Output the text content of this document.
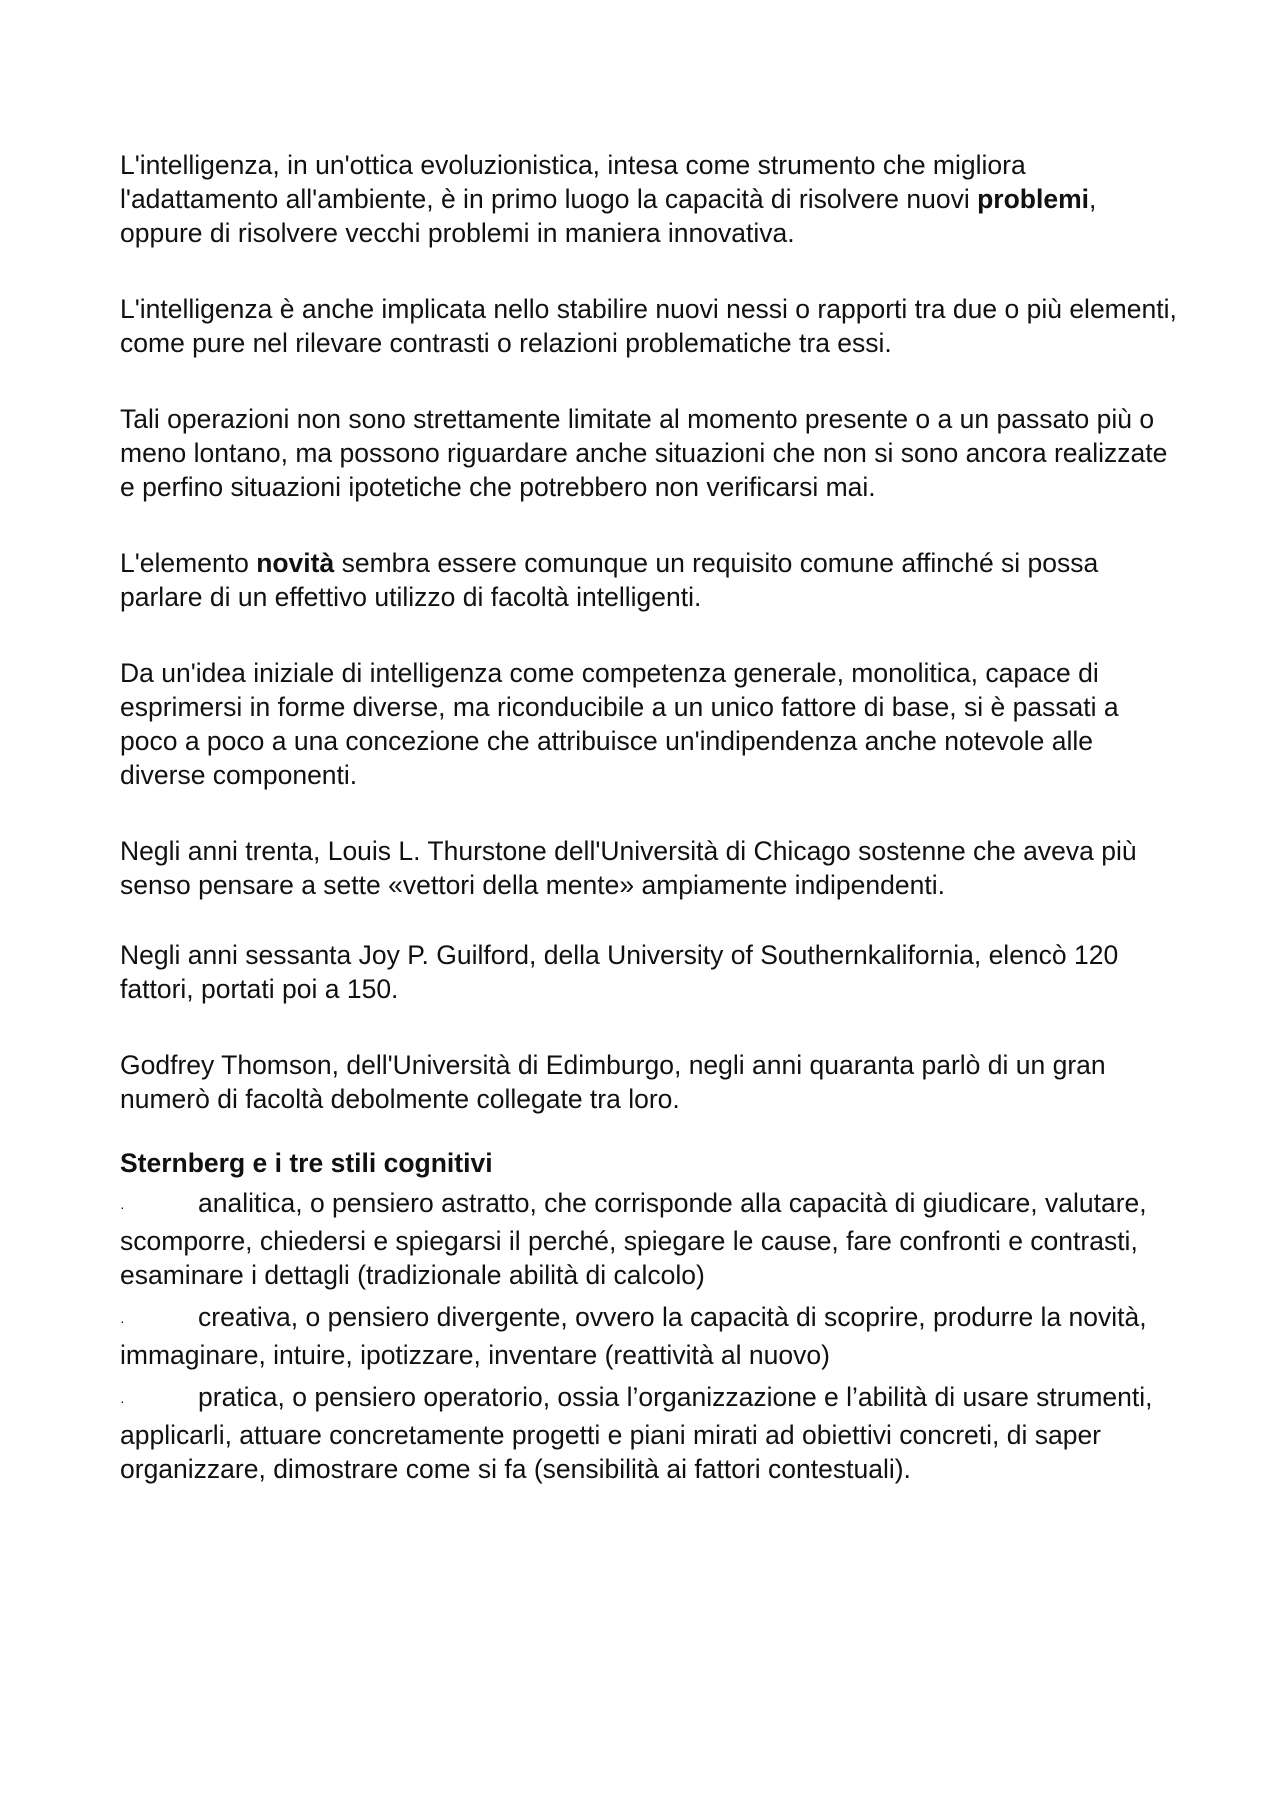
L'intelligenza, in un'ottica evoluzionistica, intesa come strumento che migliora l'adattamento all'ambiente, è in primo luogo la capacità di risolvere nuovi problemi, oppure di risolvere vecchi problemi in maniera innovativa.

L'intelligenza è anche implicata nello stabilire nuovi nessi o rapporti tra due o più elementi, come pure nel rilevare contrasti o relazioni problematiche tra essi.

Tali operazioni non sono strettamente limitate al momento presente o a un passato più o meno lontano, ma possono riguardare anche situazioni che non si sono ancora realizzate e perfino situazioni ipotetiche che potrebbero non verificarsi mai.

L'elemento novità sembra essere comunque un requisito comune affinché si possa parlare di un effettivo utilizzo di facoltà intelligenti.

Da un'idea iniziale di intelligenza come competenza generale, monolitica, capace di esprimersi in forme diverse, ma riconducibile a un unico fattore di base, si è passati a poco a poco a una concezione che attribuisce un'indipendenza anche notevole alle diverse componenti.

Negli anni trenta, Louis L. Thurstone dell'Università di Chicago sostenne che aveva più senso pensare a sette «vettori della mente» ampiamente indipendenti.

Negli anni sessanta Joy P. Guilford, della University of Southernkalifornia, elencò 120 fattori, portati poi a 150.

Godfrey Thomson, dell'Università di Edimburgo, negli anni quaranta parlò di un gran numerò di facoltà debolmente collegate tra loro.

Sternberg e i tre stili cognitivi

·	analitica, o pensiero astratto, che corrisponde alla capacità di giudicare, valutare, scomporre, chiedersi e spiegarsi il perché, spiegare le cause, fare confronti e contrasti, esaminare i dettagli (tradizionale abilità di calcolo)

·	creativa, o pensiero divergente, ovvero la capacità di scoprire, produrre la novità, immaginare, intuire, ipotizzare, inventare (reattività al nuovo)

·	pratica, o pensiero operatorio, ossia l’organizzazione e l’abilità di usare strumenti, applicarli, attuare concretamente progetti e piani mirati ad obiettivi concreti, di saper organizzare, dimostrare come si fa (sensibilità ai fattori contestuali).
